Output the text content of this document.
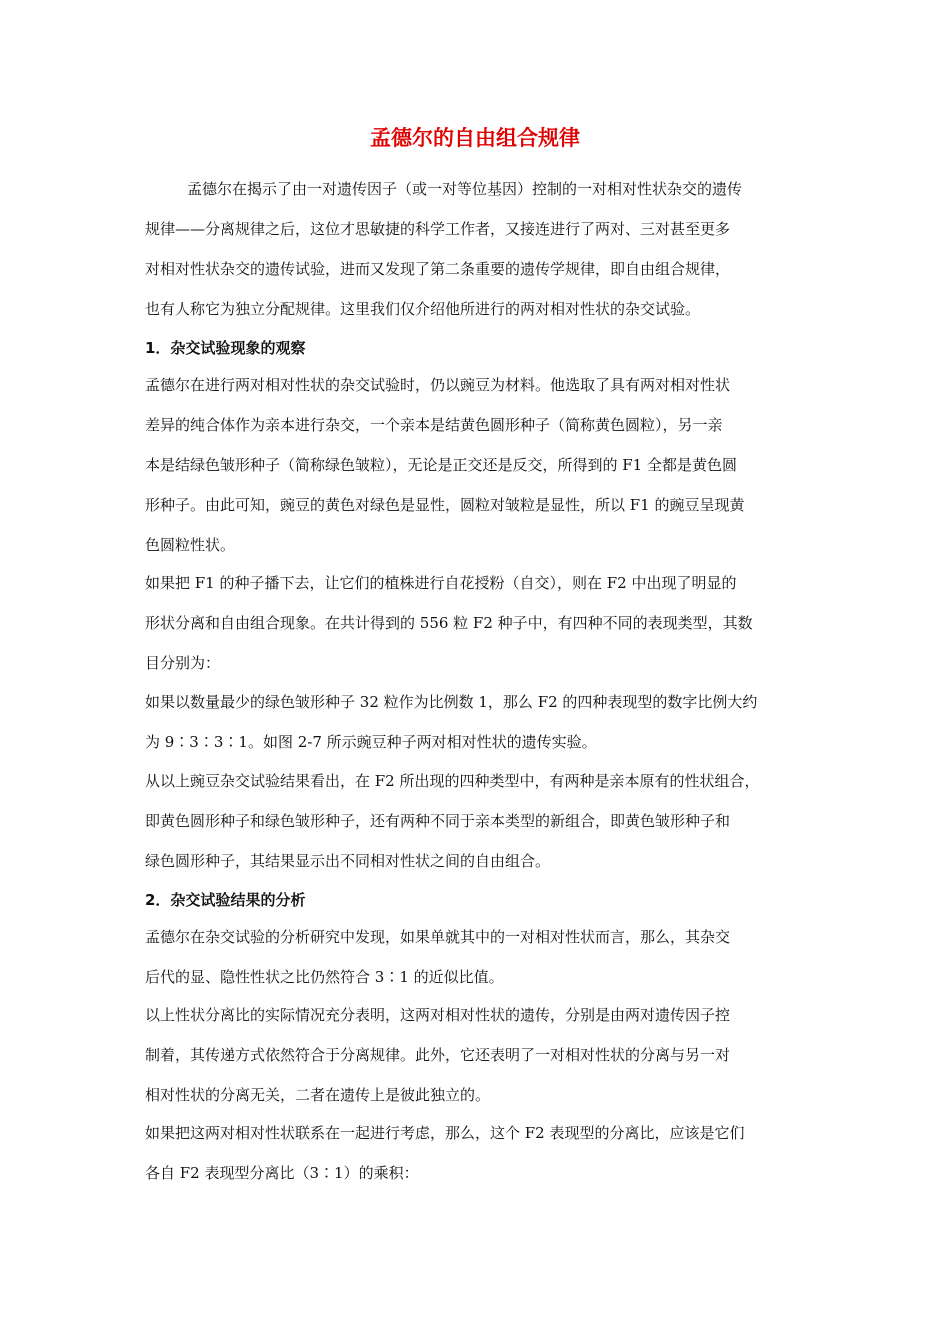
孟德尔的自由组合规律
孟德尔在揭示了由一对遗传因子（或一对等位基因）控制的一对相对性状杂交的遗传
规律——分离规律之后，这位才思敏捷的科学工作者，又接连进行了两对、三对甚至更多
对相对性状杂交的遗传试验，进而又发现了第二条重要的遗传学规律，即自由组合规律，
也有人称它为独立分配规律。这里我们仅介绍他所进行的两对相对性状的杂交试验。
1．杂交试验现象的观察
孟德尔在进行两对相对性状的杂交试验时，仍以豌豆为材料。他选取了具有两对相对性状
差异的纯合体作为亲本进行杂交，一个亲本是结黄色圆形种子（简称黄色圆粒），另一亲
本是结绿色皱形种子（简称绿色皱粒），无论是正交还是反交，所得到的 F1 全都是黄色圆
形种子。由此可知，豌豆的黄色对绿色是显性，圆粒对皱粒是显性，所以 F1 的豌豆呈现黄
色圆粒性状。
如果把 F1 的种子播下去，让它们的植株进行自花授粉（自交），则在 F2 中出现了明显的
形状分离和自由组合现象。在共计得到的 556 粒 F2 种子中，有四种不同的表现类型，其数
目分别为：
如果以数量最少的绿色皱形种子 32 粒作为比例数 1，那么 F2 的四种表现型的数字比例大约
为 9∶3∶3∶1。如图 2-7 所示豌豆种子两对相对性状的遗传实验。
从以上豌豆杂交试验结果看出，在 F2 所出现的四种类型中，有两种是亲本原有的性状组合，
即黄色圆形种子和绿色皱形种子，还有两种不同于亲本类型的新组合，即黄色皱形种子和
绿色圆形种子，其结果显示出不同相对性状之间的自由组合。
2．杂交试验结果的分析
孟德尔在杂交试验的分析研究中发现，如果单就其中的一对相对性状而言，那么，其杂交
后代的显、隐性性状之比仍然符合 3∶1 的近似比值。
以上性状分离比的实际情况充分表明，这两对相对性状的遗传，分别是由两对遗传因子控
制着，其传递方式依然符合于分离规律。此外，它还表明了一对相对性状的分离与另一对
相对性状的分离无关，二者在遗传上是彼此独立的。
如果把这两对相对性状联系在一起进行考虑，那么，这个 F2 表现型的分离比，应该是它们
各自 F2 表现型分离比（3∶1）的乘积：
